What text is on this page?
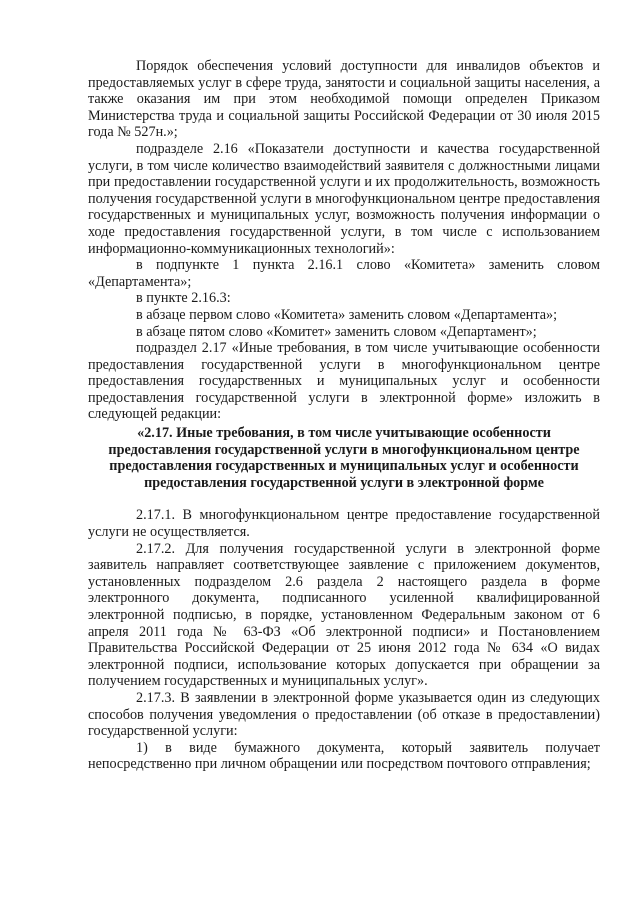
Порядок обеспечения условий доступности для инвалидов объектов и предоставляемых услуг в сфере труда, занятости и социальной защиты населения, а также оказания им при этом необходимой помощи определен Приказом Министерства труда и социальной защиты Российской Федерации от 30 июля 2015 года № 527н.»;

подразделе 2.16 «Показатели доступности и качества государственной услуги, в том числе количество взаимодействий заявителя с должностными лицами при предоставлении государственной услуги и их продолжительность, возможность получения государственной услуги в многофункциональном центре предоставления государственных и муниципальных услуг, возможность получения информации о ходе предоставления государственной услуги, в том числе с использованием информационно-коммуникационных технологий»:

в подпункте 1 пункта 2.16.1 слово «Комитета» заменить словом «Департамента»;

в пункте 2.16.3:

в абзаце первом слово «Комитета» заменить словом «Департамента»;

в абзаце пятом слово «Комитет» заменить словом «Департамент»;

подраздел 2.17 «Иные требования, в том числе учитывающие особенности предоставления государственной услуги в многофункциональном центре предоставления государственных и муниципальных услуг и особенности предоставления государственной услуги в электронной форме» изложить в следующей редакции:

«2.17. Иные требования, в том числе учитывающие особенности предоставления государственной услуги в многофункциональном центре предоставления государственных и муниципальных услуг и особенности предоставления государственной услуги в электронной форме

2.17.1. В многофункциональном центре предоставление государственной услуги не осуществляется.

2.17.2. Для получения государственной услуги в электронной форме заявитель направляет соответствующее заявление с приложением документов, установленных подразделом 2.6 раздела 2 настоящего раздела в форме электронного документа, подписанного усиленной квалифицированной электронной подписью, в порядке, установленном Федеральным законом от 6 апреля 2011 года № 63-ФЗ «Об электронной подписи» и Постановлением Правительства Российской Федерации от 25 июня 2012 года № 634 «О видах электронной подписи, использование которых допускается при обращении за получением государственных и муниципальных услуг».

2.17.3. В заявлении в электронной форме указывается один из следующих способов получения уведомления о предоставлении (об отказе в предоставлении) государственной услуги:

1) в виде бумажного документа, который заявитель получает непосредственно при личном обращении или посредством почтового отправления;
